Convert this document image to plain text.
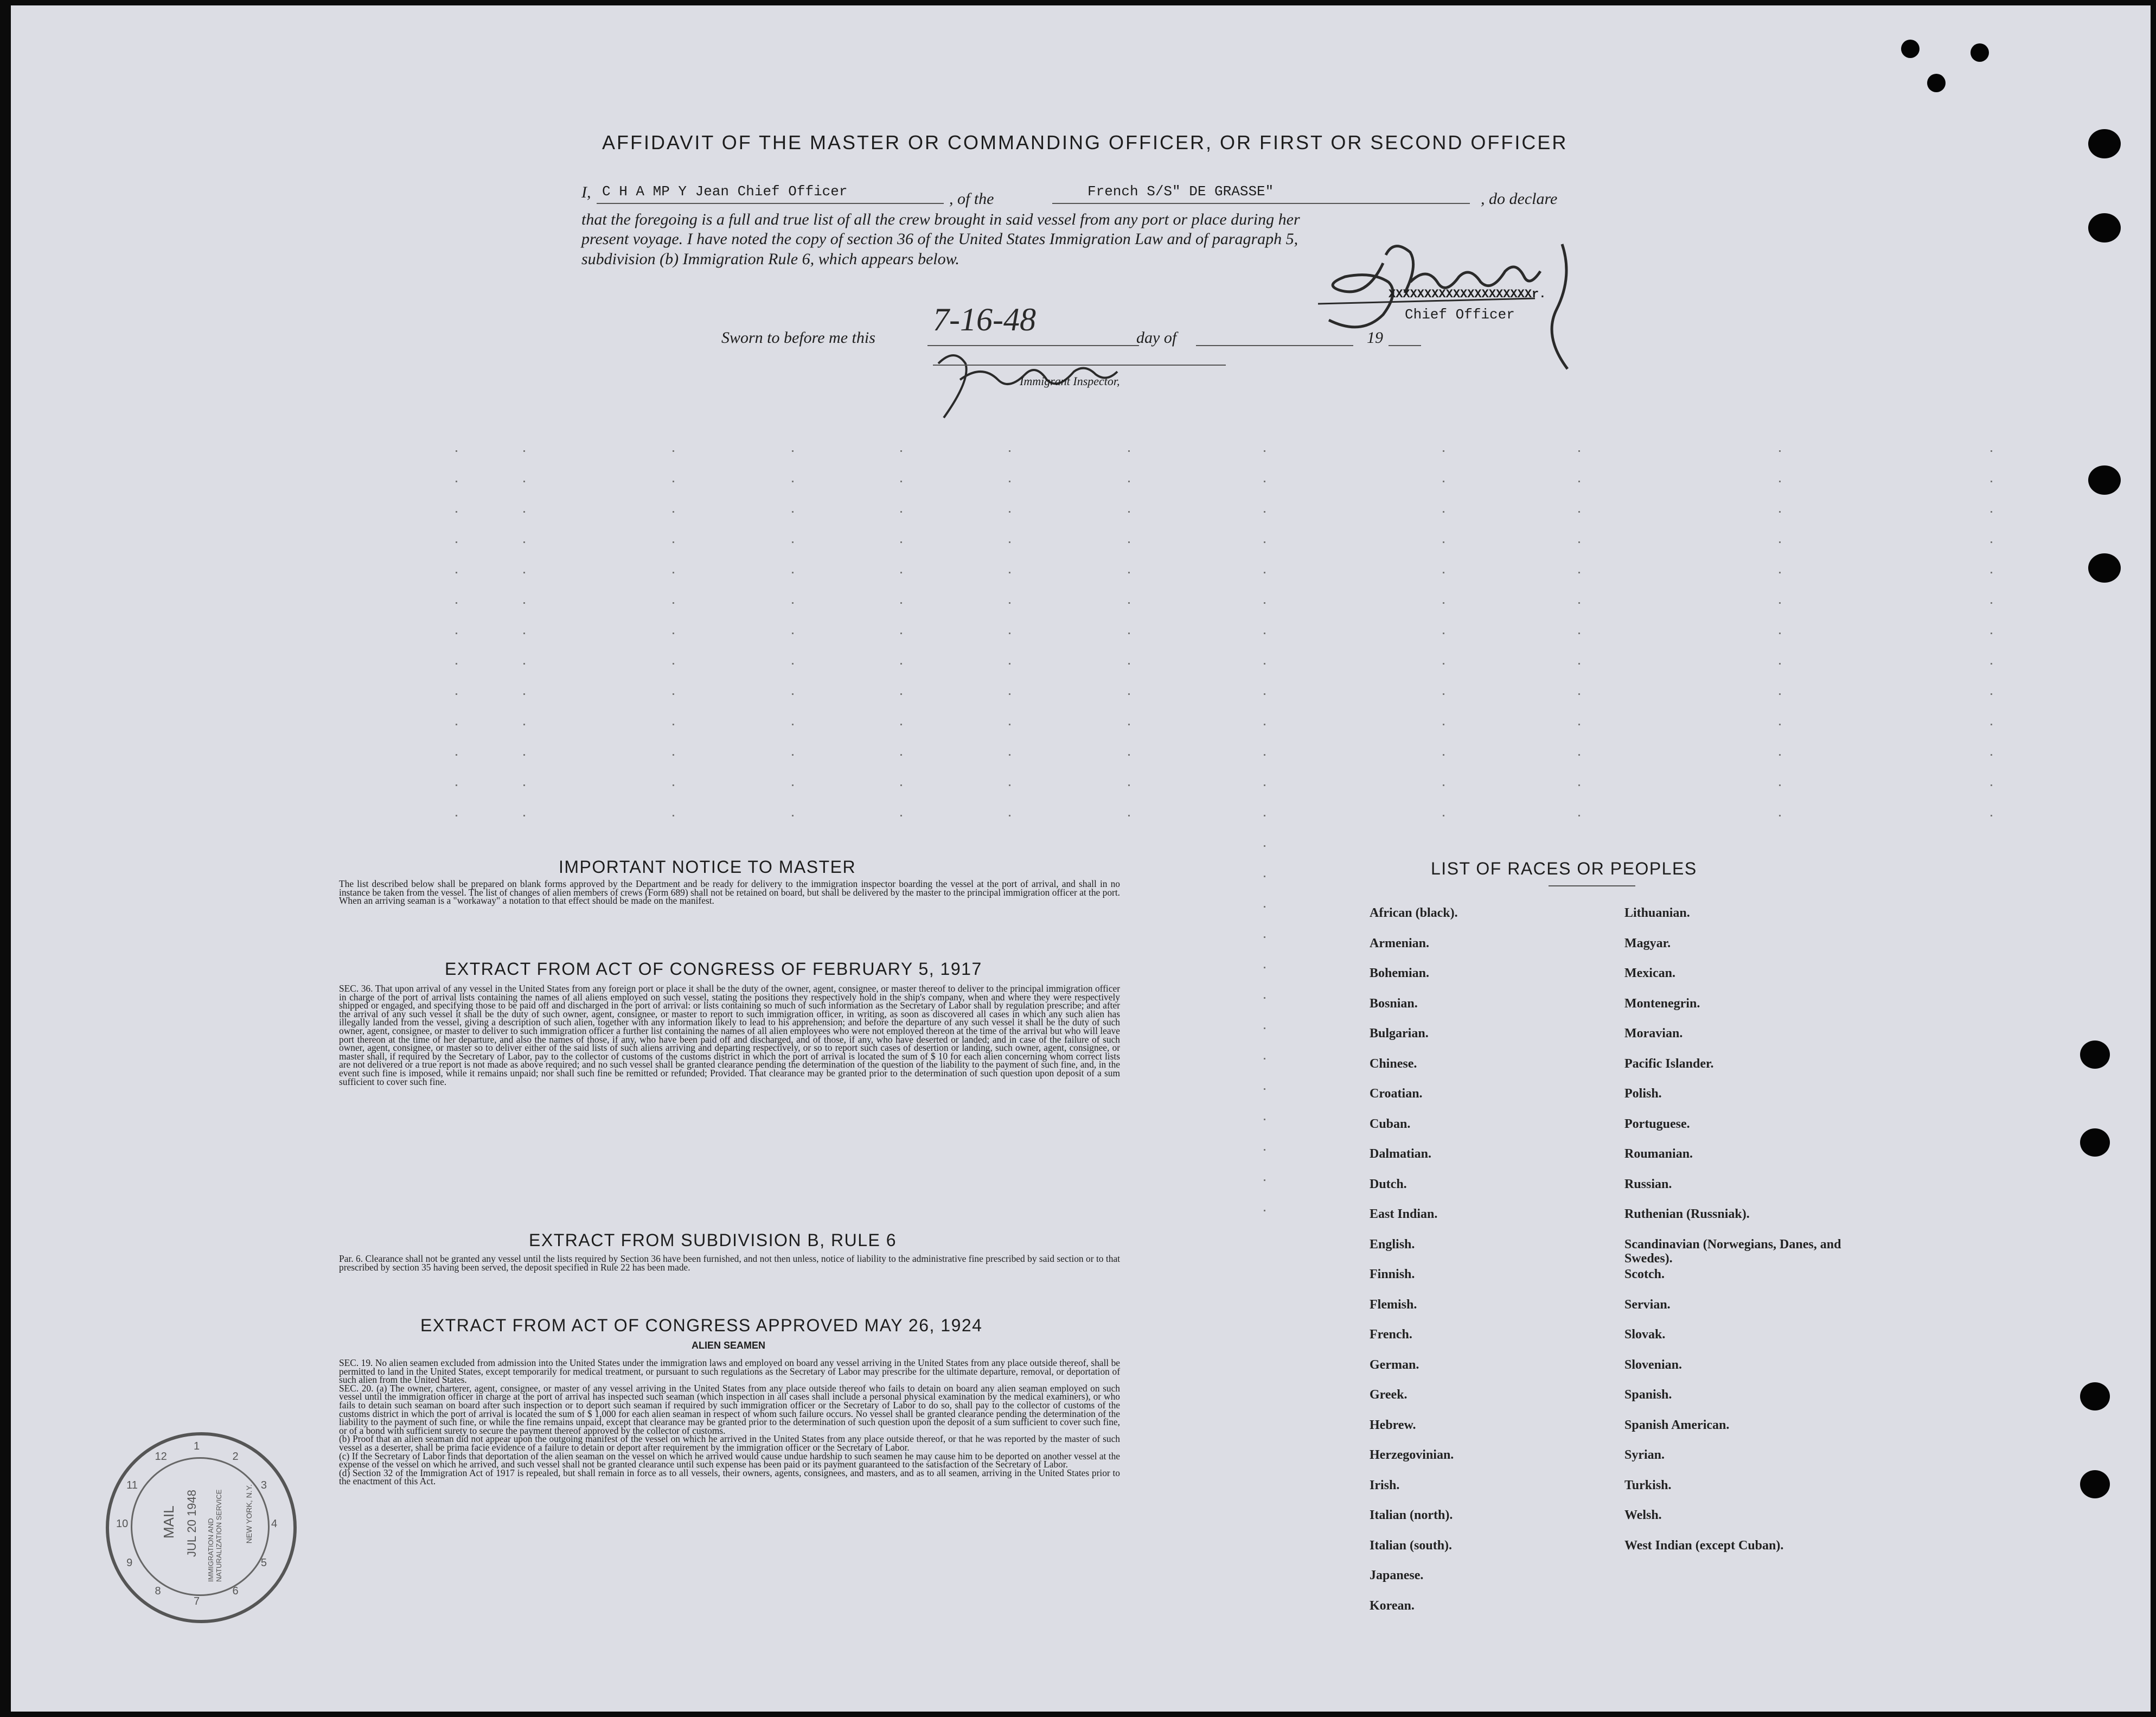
AFFIDAVIT OF THE MASTER OR COMMANDING OFFICER, OR FIRST OR SECOND OFFICER
I, C H A MP Y Jean Chief Officer	, of the	French S/S" DE GRASSE"	, do declare
that the foregoing is a full and true list of all the crew brought in said vessel from any port or place during her
present voyage. I have noted the copy of section 36 of the United States Immigration Law and of paragraph 5,
subdivision (b) Immigration Rule 6, which appears below.
XXXXXXXXXXXXXXXXXXXXr.
Chief Officer
Sworn to before me this
7-16-48
day of	19
Immigrant Inspector,
IMPORTANT NOTICE TO MASTER
The list described below shall be prepared on blank forms approved by the Department and be ready for delivery to the immigration inspector boarding the vessel at the port of arrival, and shall in no instance be taken from the vessel. The list of changes of alien members of crews (Form 689) shall not be retained on board, but shall be delivered by the master to the principal immigration officer at the port. When an arriving seaman is a "workaway" a notation to that effect should be made on the manifest.
EXTRACT FROM ACT OF CONGRESS OF FEBRUARY 5, 1917
SEC. 36. That upon arrival of any vessel in the United States from any foreign port or place it shall be the duty of the owner, agent, consignee, or master thereof to deliver to the principal immigration officer in charge of the port of arrival lists containing the names of all aliens employed on such vessel, stating the positions they respectively hold in the ship's company, when and where they were respectively shipped or engaged, and specifying those to be paid off and discharged in the port of arrival: or lists containing so much of such information as the Secretary of Labor shall by regulation prescribe; and after the arrival of any such vessel it shall be the duty of such owner, agent, consignee, or master to report to such immigration officer, in writing, as soon as discovered all cases in which any such alien has illegally landed from the vessel, giving a description of such alien, together with any information likely to lead to his apprehension; and before the departure of any such vessel it shall be the duty of such owner, agent, consignee, or master to deliver to such immigration officer a further list containing the names of all alien employees who were not employed thereon at the time of the arrival but who will leave port thereon at the time of her departure, and also the names of those, if any, who have been paid off and discharged, and of those, if any, who have deserted or landed; and in case of the failure of such owner, agent, consignee, or master so to deliver either of the said lists of such aliens arriving and departing respectively, or so to report such cases of desertion or landing, such owner, agent, consignee, or master shall, if required by the Secretary of Labor, pay to the collector of customs of the customs district in which the port of arrival is located the sum of $ 10 for each alien concerning whom correct lists are not delivered or a true report is not made as above required; and no such vessel shall be granted clearance pending the determination of the question of the liability to the payment of such fine, and, in the event such fine is imposed, while it remains unpaid; nor shall such fine be remitted or refunded; Provided. That clearance may be granted prior to the determination of such question upon deposit of a sum sufficient to cover such fine.
EXTRACT FROM SUBDIVISION B, RULE 6
Par. 6. Clearance shall not be granted any vessel until the lists required by Section 36 have been furnished, and not then unless, notice of liability to the administrative fine prescribed by said section or to that prescribed by section 35 having been served, the deposit specified in Rule 22 has been made.
EXTRACT FROM ACT OF CONGRESS APPROVED MAY 26, 1924
ALIEN SEAMEN

SEC. 19. No alien seamen excluded from admission into the United States under the immigration laws and employed on board any vessel arriving in the United States from any place outside thereof, shall be permitted to land in the United States, except temporarily for medical treatment, or pursuant to such regulations as the Secretary of Labor may prescribe for the ultimate departure, removal, or deportation of such alien from the United States.

SEC. 20. (a) The owner, charterer, agent, consignee, or master of any vessel arriving in the United States from any place outside thereof who fails to detain on board any alien seaman employed on such vessel until the immigration officer in charge at the port of arrival has inspected such seaman (which inspection in all cases shall include a personal physical examination by the medical examiners), or who fails to detain such seaman on board after such inspection or to deport such seaman if required by such immigration officer or the Secretary of Labor to do so, shall pay to the collector of customs of the customs district in which the port of arrival is located the sum of $ 1,000 for each alien seaman in respect of whom such failure occurs. No vessel shall be granted clearance pending the determination of the liability to the payment of such fine, or while the fine remains unpaid, except that clearance may be granted prior to the determination of such question upon the deposit of a sum sufficient to cover such fine, or of a bond with sufficient surety to secure the payment thereof approved by the collector of customs.

(b) Proof that an alien seaman did not appear upon the outgoing manifest of the vessel on which he arrived in the United States from any place outside thereof, or that he was reported by the master of such vessel as a deserter, shall be prima facie evidence of a failure to detain or deport after requirement by the immigration officer or the Secretary of Labor.

(c) If the Secretary of Labor finds that deportation of the alien seaman on the vessel on which he arrived would cause undue hardship to such seamen he may cause him to be deported on another vessel at the expense of the vessel on which he arrived, and such vessel shall not be granted clearance until such expense has been paid or its payment guaranteed to the satisfaction of the Secretary of Labor.

(d) Section 32 of the Immigration Act of 1917 is repealed, but shall remain in force as to all vessels, their owners, agents, consignees, and masters, and as to all seamen, arriving in the United States prior to the enactment of this Act.

LIST OF RACES OR PEOPLES
African (black).
Armenian.
Bohemian.
Bosnian.
Bulgarian.
Chinese.
Croatian.
Cuban.
Dalmatian.
Dutch.
East Indian.
English.
Finnish.
Flemish.
French.
German.
Greek.
Hebrew.
Herzegovinian.
Irish.
Italian (north).
Italian (south).
Japanese.
Korean.
Lithuanian.
Magyar.
Mexican.
Montenegrin.
Moravian.
Pacific Islander.
Polish.
Portuguese.
Roumanian.
Russian.
Ruthenian (Russniak).
Scandinavian (Norwegians, Danes, and Swedes).
Scotch.
Servian.
Slovak.
Slovenian.
Spanish.
Spanish American.
Syrian.
Turkish.
Welsh.
West Indian (except Cuban).
MAIL JUL 20 1948 IMMIGRATION AND NATURALIZATION SERVICE	NEW YORK, N.Y.
1
2
3
4
5
6
7
8
9
10
11
12
